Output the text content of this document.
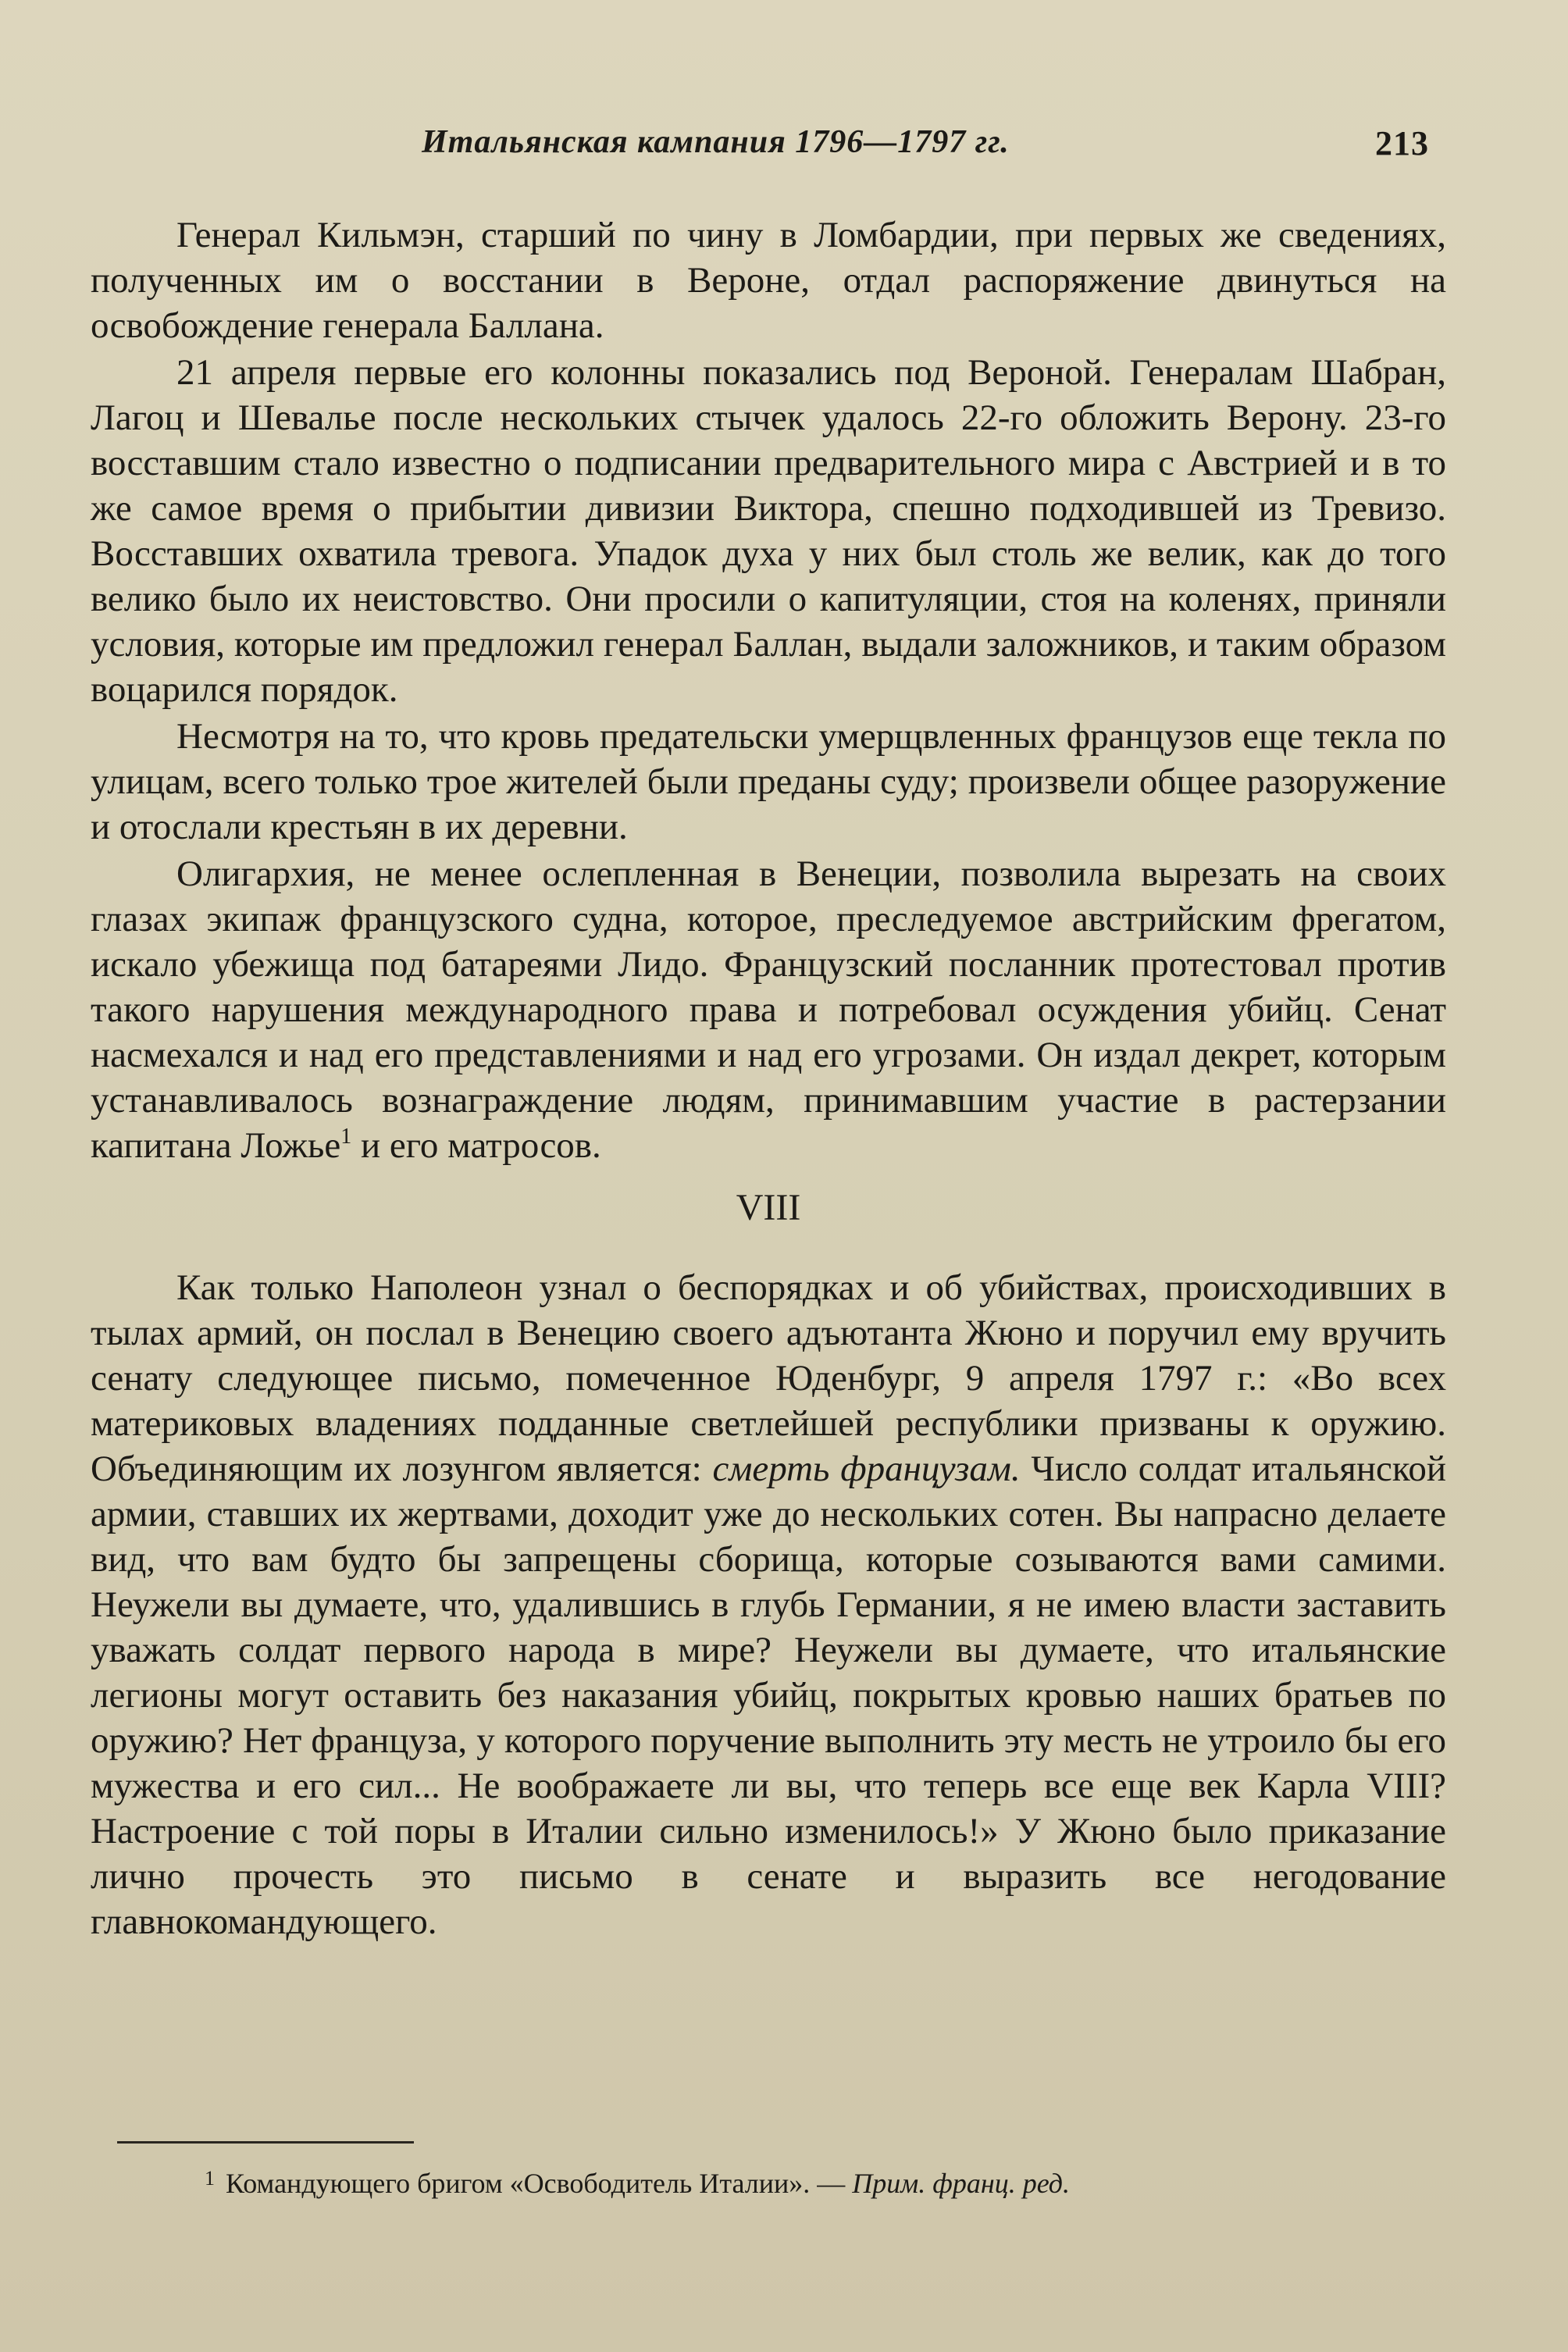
Итальянская кампания 1796—1797 гг.	213

Генерал Кильмэн, старший по чину в Ломбардии, при первых же сведениях, полученных им о восстании в Вероне, отдал распоряжение двинуться на освобождение генерала Баллана.

21 апреля первые его колонны показались под Вероной. Генералам Шабран, Лагоц и Шевалье после нескольких стычек удалось 22-го обложить Верону. 23-го восставшим стало известно о подписании предварительного мира с Австрией и в то же самое время о прибытии дивизии Виктора, спешно подходившей из Тревизо. Восставших охватила тревога. Упадок духа у них был столь же велик, как до того велико было их неистовство. Они просили о капитуляции, стоя на коленях, приняли условия, которые им предложил генерал Баллан, выдали заложников, и таким образом воцарился порядок.

Несмотря на то, что кровь предательски умерщвленных французов еще текла по улицам, всего только трое жителей были преданы суду; произвели общее разоружение и отослали крестьян в их деревни.

Олигархия, не менее ослепленная в Венеции, позволила вырезать на своих глазах экипаж французского судна, которое, преследуемое австрийским фрегатом, искало убежища под батареями Лидо. Французский посланник протестовал против такого нарушения международного права и потребовал осуждения убийц. Сенат насмехался и над его представлениями и над его угрозами. Он издал декрет, которым устанавливалось вознаграждение людям, принимавшим участие в растерзании капитана Ложье$^1$ и его матросов.

VIII

Как только Наполеон узнал о беспорядках и об убийствах, происходивших в тылах армий, он послал в Венецию своего адъютанта Жюно и поручил ему вручить сенату следующее письмо, помеченное Юденбург, 9 апреля 1797 г.: «Во всех материковых владениях подданные светлейшей республики призваны к оружию. Объединяющим их лозунгом является: смерть французам. Число солдат итальянской армии, ставших их жертвами, доходит уже до нескольких сотен. Вы напрасно делаете вид, что вам будто бы запрещены сборища, которые созываются вами самими. Неужели вы думаете, что, удалившись в глубь Германии, я не имею власти заставить уважать солдат первого народа в мире? Неужели вы думаете, что итальянские легионы могут оставить без наказания убийц, покрытых кровью наших братьев по оружию? Нет француза, у которого поручение выполнить эту месть не утроило бы его мужества и его сил... Не воображаете ли вы, что теперь все еще век Карла VIII? Настроение с той поры в Италии сильно изменилось!» У Жюно было приказание лично прочесть это письмо в сенате и выразить все негодование главнокомандующего.

$^1$ Командующего бригом «Освободитель Италии». — Прим. франц. ред.
